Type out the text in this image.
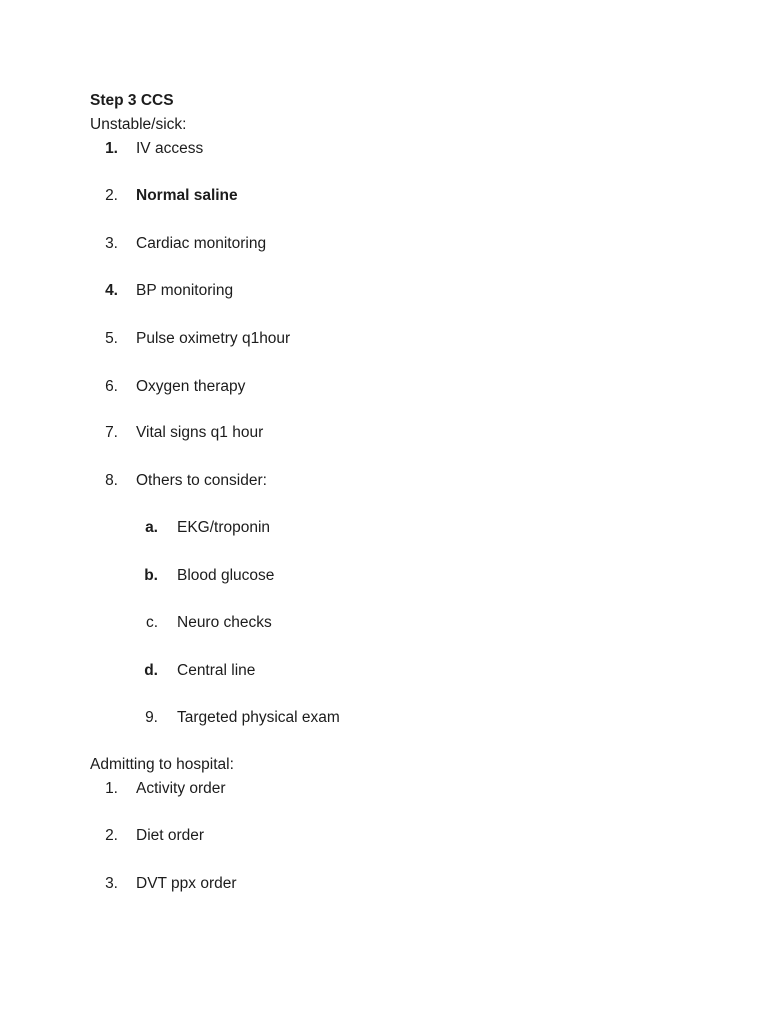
Step 3 CCS
Unstable/sick:
1. IV access
2. Normal saline
3. Cardiac monitoring
4. BP monitoring
5. Pulse oximetry q1hour
6. Oxygen therapy
7. Vital signs q1 hour
8. Others to consider:
a. EKG/troponin
b. Blood glucose
c. Neuro checks
d. Central line
9. Targeted physical exam
Admitting to hospital:
1. Activity order
2. Diet order
3. DVT ppx order
